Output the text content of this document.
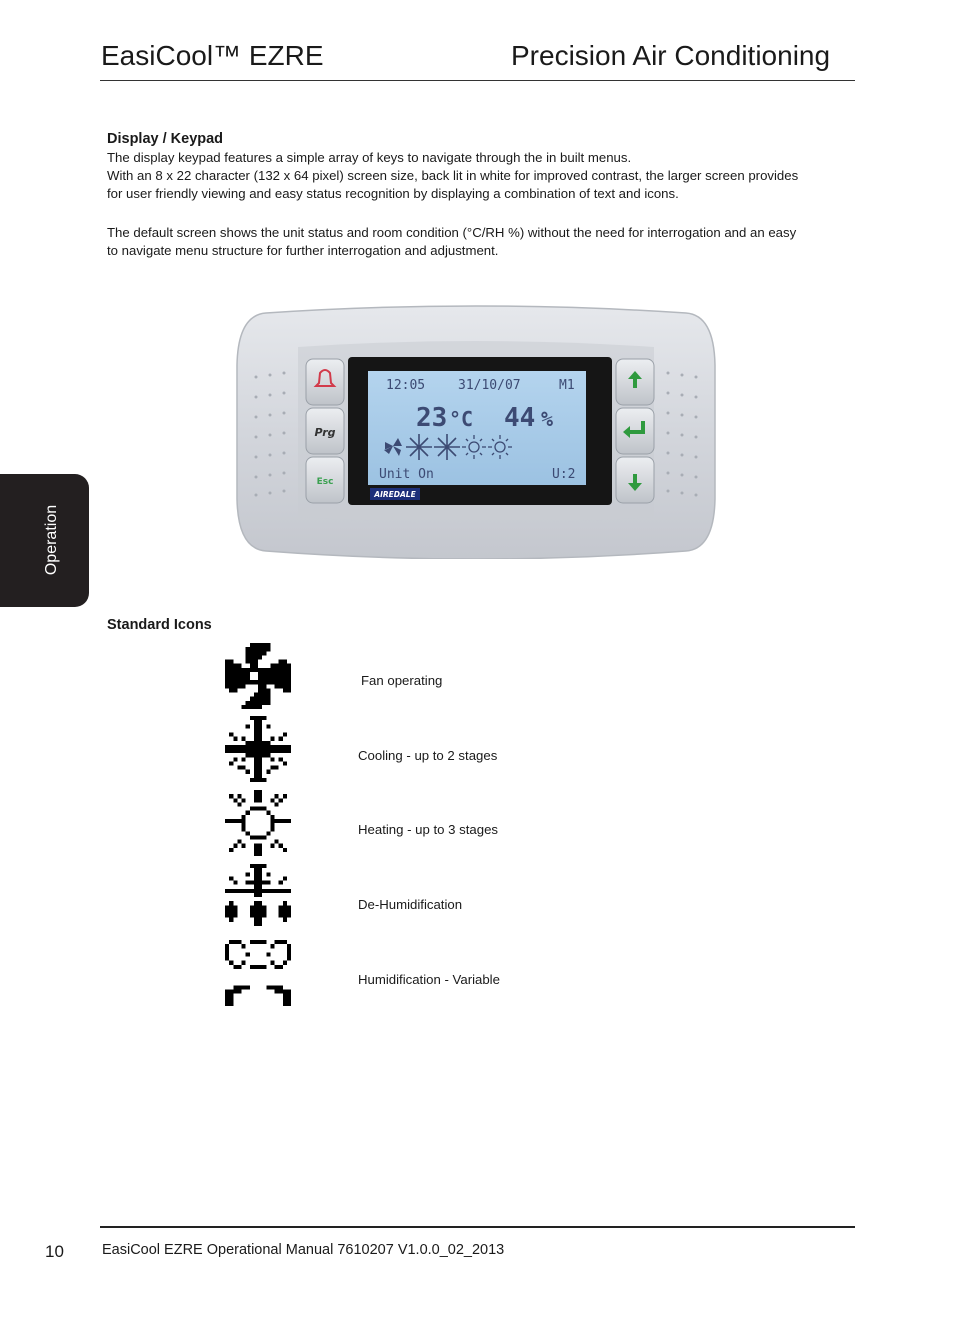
EasiCool™ EZRE	Precision Air Conditioning
Operation
Display / Keypad

The display keypad features a simple array of keys to navigate through the in built menus.
With an 8 x 22 character (132 x 64 pixel) screen size, back lit in white for improved contrast, the larger screen provides
for user friendly viewing and easy status recognition by displaying a combination of text and icons.

The default screen shows the unit status and room condition (°C/RH %) without the need for interrogation and an easy
to navigate menu structure for further interrogation and adjustment.

Prg
Esc
12:05	31/10/07	M1
23 °C 44 %
Unit On	U:2
AIREDALE
Standard Icons
Fan operating
Cooling - up to 2 stages
Heating - up to 3 stages
De-Humidification
Humidification - Variable
10	EasiCool EZRE Operational Manual 7610207 V1.0.0_02_2013
